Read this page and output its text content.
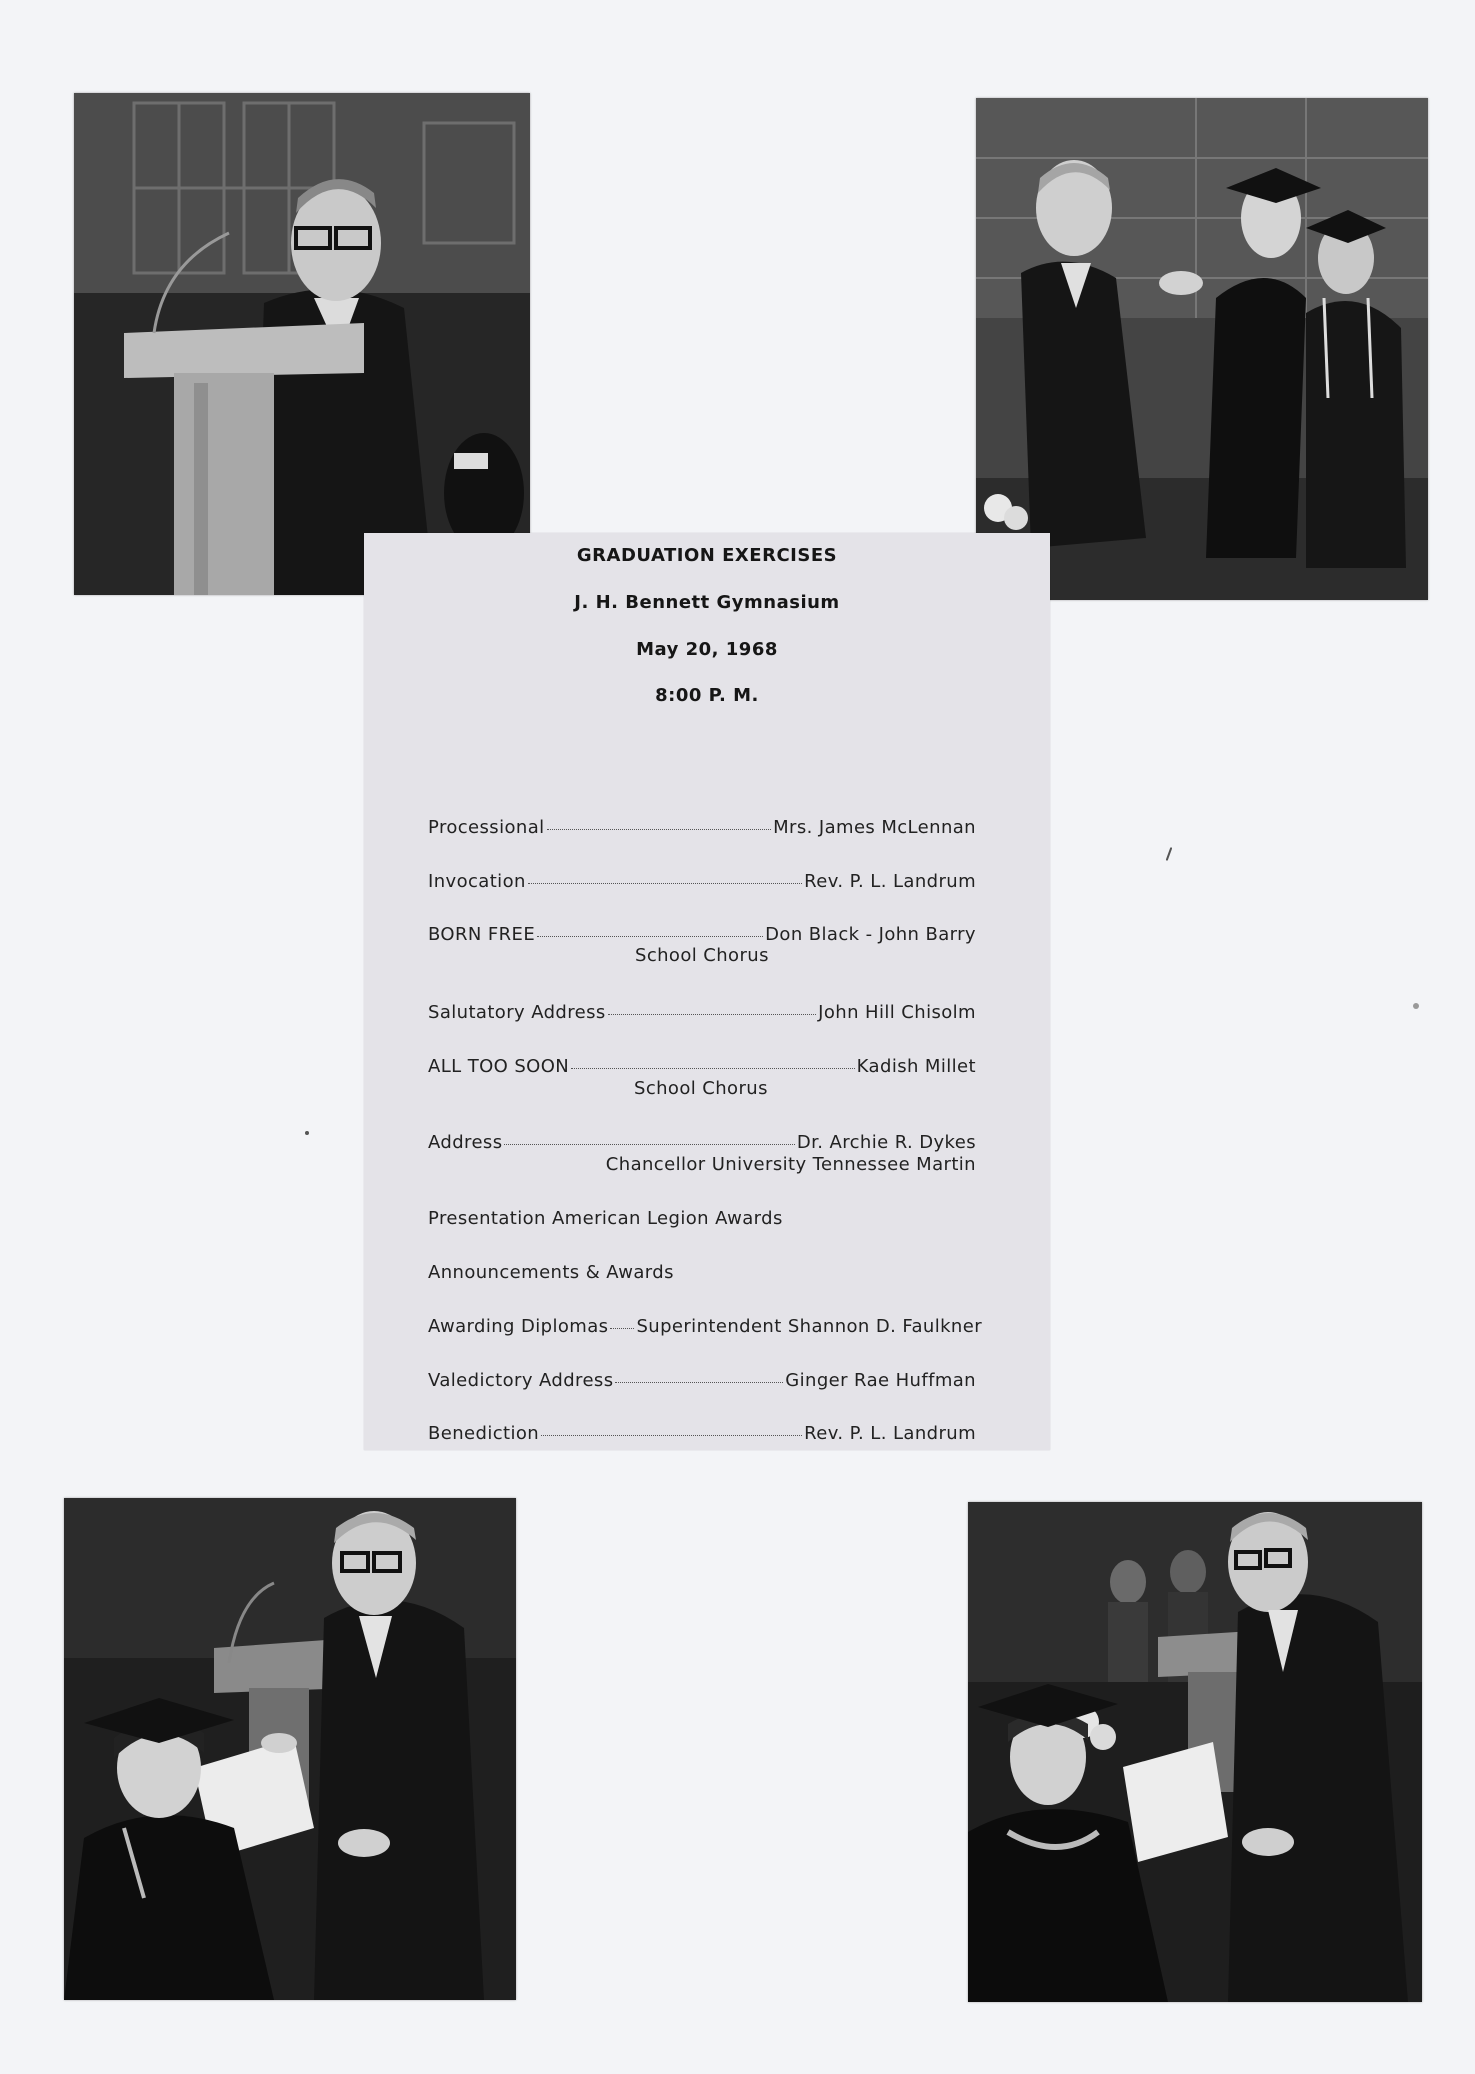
GRADUATION EXERCISES
J. H. Bennett Gymnasium
May 20, 1968
8:00 P. M.
Processional	Mrs. James McLennan
Invocation	Rev. P. L. Landrum
BORN FREE	Don Black - John Barry
School Chorus
Salutatory Address	John Hill Chisolm
ALL TOO SOON	Kadish Millet
School Chorus
Address	Dr. Archie R. Dykes
Chancellor University Tennessee Martin
Presentation American Legion Awards
Announcements & Awards
Awarding Diplomas Superintendent Shannon D. Faulkner
Valedictory Address	Ginger Rae Huffman
Benediction	Rev. P. L. Landrum
